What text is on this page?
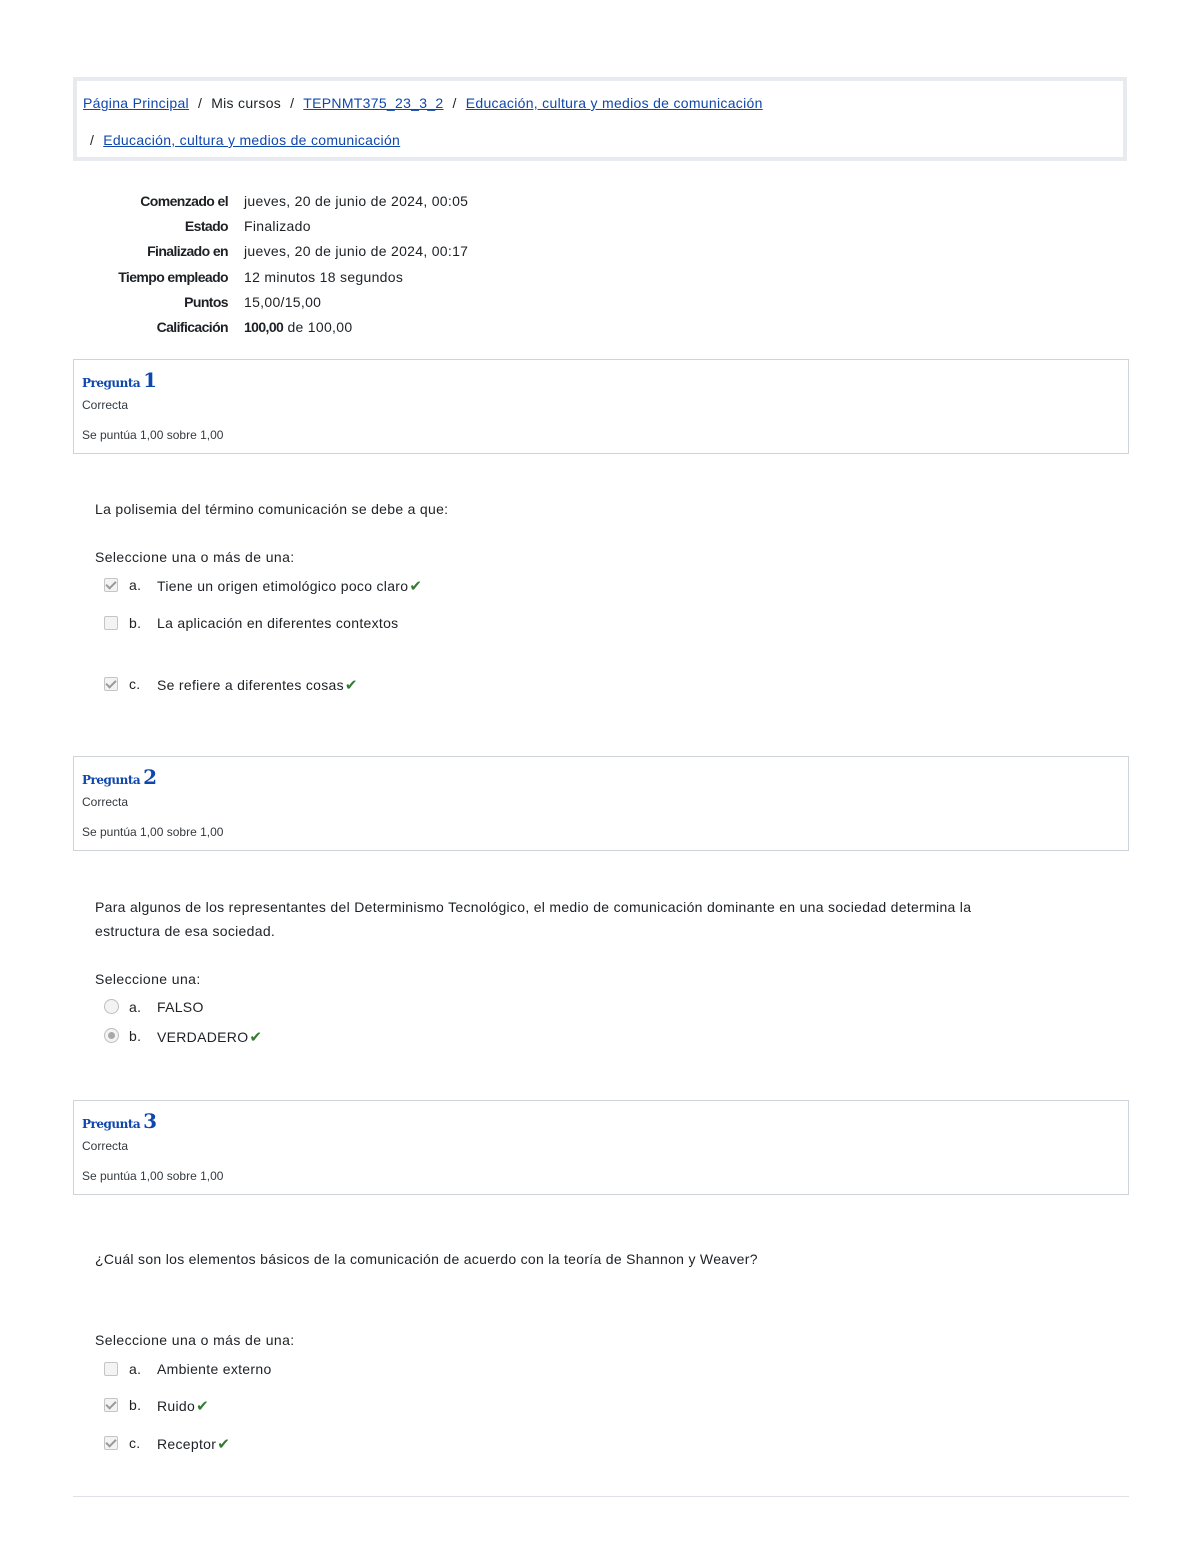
Página Principal / Mis cursos / TEPNMT375_23_3_2 / Educación, cultura y medios de comunicación
/ Educación, cultura y medios de comunicación
Comenzado el jueves, 20 de junio de 2024, 00:05
Estado Finalizado
Finalizado en jueves, 20 de junio de 2024, 00:17
Tiempo empleado 12 minutos 18 segundos
Puntos 15,00/15,00
Calificación 100,00 de 100,00
Pregunta 1
Correcta
Se puntúa 1,00 sobre 1,00
La polisemia del término comunicación se debe a que:
Seleccione una o más de una:
a. Tiene un origen etimológico poco claro✔
b. La aplicación en diferentes contextos
c. Se refiere a diferentes cosas✔
Pregunta 2
Correcta
Se puntúa 1,00 sobre 1,00
Para algunos de los representantes del Determinismo Tecnológico, el medio de comunicación dominante en una sociedad determina la
estructura de esa sociedad.
Seleccione una:
a. FALSO
b. VERDADERO✔
Pregunta 3
Correcta
Se puntúa 1,00 sobre 1,00
¿Cuál son los elementos básicos de la comunicación de acuerdo con la teoría de Shannon y Weaver?
Seleccione una o más de una:
a. Ambiente externo
b. Ruido✔
c. Receptor✔
